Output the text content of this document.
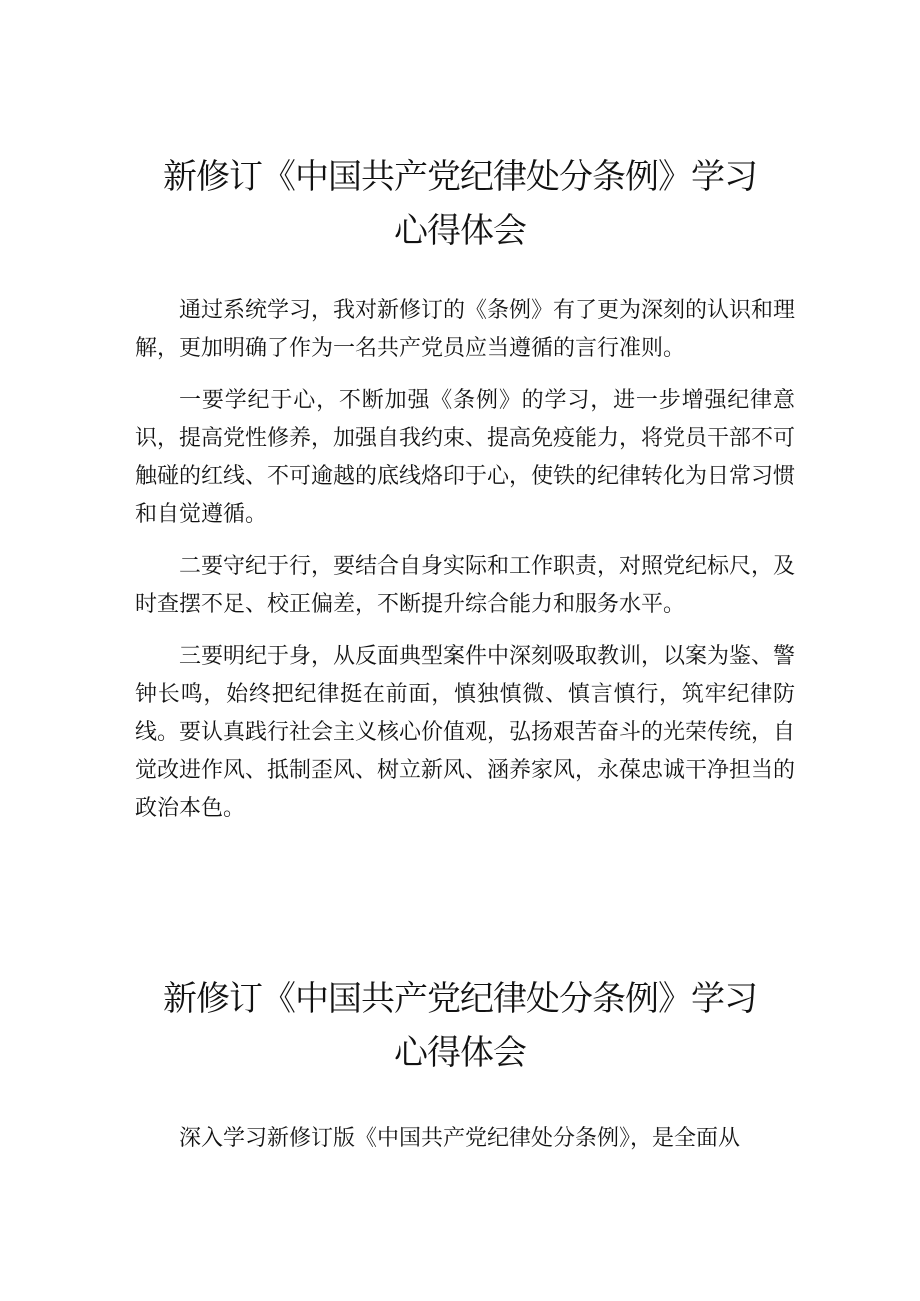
新修订《中国共产党纪律处分条例》学习
心得体会

通过系统学习，我对新修订的《条例》有了更为深刻的认识和理解，更加明确了作为一名共产党员应当遵循的言行准则。

一要学纪于心，不断加强《条例》的学习，进一步增强纪律意识，提高党性修养，加强自我约束、提高免疫能力，将党员干部不可触碰的红线、不可逾越的底线烙印于心，使铁的纪律转化为日常习惯和自觉遵循。

二要守纪于行，要结合自身实际和工作职责，对照党纪标尺，及时查摆不足、校正偏差，不断提升综合能力和服务水平。

三要明纪于身，从反面典型案件中深刻吸取教训，以案为鉴、警钟长鸣，始终把纪律挺在前面，慎独慎微、慎言慎行，筑牢纪律防线。要认真践行社会主义核心价值观，弘扬艰苦奋斗的光荣传统，自觉改进作风、抵制歪风、树立新风、涵养家风，永葆忠诚干净担当的政治本色。

新修订《中国共产党纪律处分条例》学习
心得体会

深入学习新修订版《中国共产党纪律处分条例》，是全面从
